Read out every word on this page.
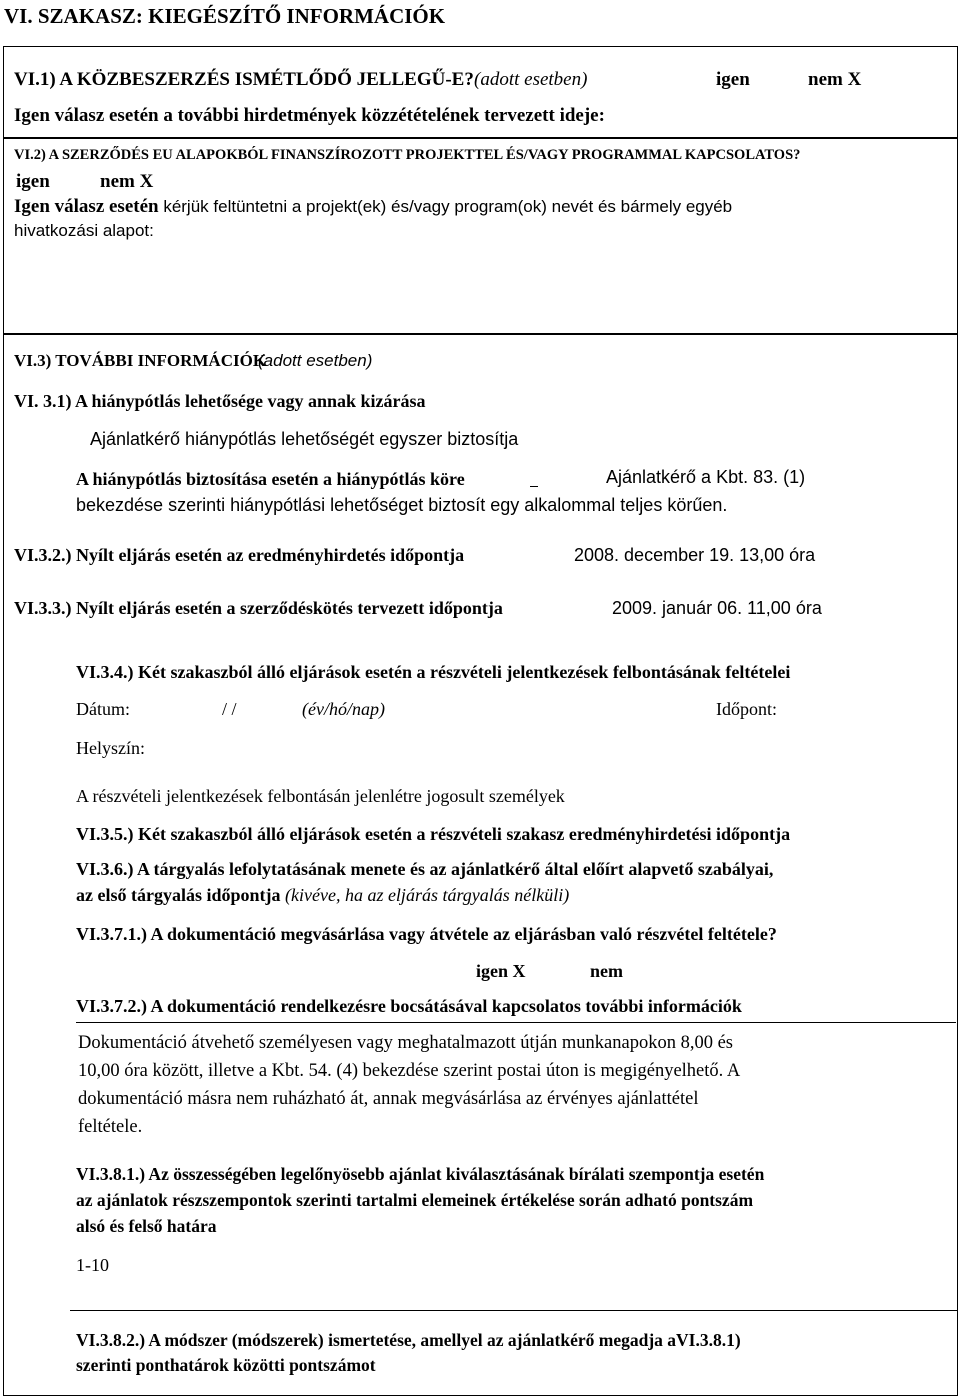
VI. SZAKASZ: KIEGÉSZÍTŐ INFORMÁCIÓK
VI.1) A KÖZBESZERZÉS ISMÉTLŐDŐ JELLEGŰ-E? (adott esetben)	igen	nem X
Igen válasz esetén a további hirdetmények közzétételének tervezett ideje:
VI.2) A SZERZŐDÉS EU ALAPOKBÓL FINANSZÍROZOTT PROJEKTTEL ÉS/VAGY PROGRAMMAL KAPCSOLATOS?
igen	nem X
Igen válasz esetén kérjük feltüntetni a projekt(ek) és/vagy program(ok) nevét és bármely egyéb
hivatkozási alapot:
VI.3) TOVÁBBI INFORMÁCIÓK
(adott esetben)
VI. 3.1) A hiánypótlás lehetősége vagy annak kizárása
Ajánlatkérő hiánypótlás lehetőségét egyszer biztosítja
A hiánypótlás biztosítása esetén a hiánypótlás köre	Ajánlatkérő a Kbt. 83. (1)
bekezdése szerinti hiánypótlási lehetőséget biztosít egy alkalommal teljes körűen.
VI.3.2.) Nyílt eljárás esetén az eredményhirdetés időpontja	2008. december 19. 13,00 óra
VI.3.3.) Nyílt eljárás esetén a szerződéskötés tervezett időpontja	2009. január 06. 11,00 óra
VI.3.4.) Két szakaszból álló eljárások esetén a részvételi jelentkezések felbontásának feltételei
Dátum:	/ /	(év/hó/nap)	Időpont:
Helyszín:
A részvételi jelentkezések felbontásán jelenlétre jogosult személyek
VI.3.5.) Két szakaszból álló eljárások esetén a részvételi szakasz eredményhirdetési időpontja
VI.3.6.) A tárgyalás lefolytatásának menete és az ajánlatkérő által előírt alapvető szabályai,
az első tárgyalás időpontja (kivéve, ha az eljárás tárgyalás nélküli)
VI.3.7.1.) A dokumentáció megvásárlása vagy átvétele az eljárásban való részvétel feltétele?
igen X	nem
VI.3.7.2.) A dokumentáció rendelkezésre bocsátásával kapcsolatos további információk
Dokumentáció átvehető személyesen vagy meghatalmazott útján munkanapokon 8,00 és
10,00 óra között, illetve a Kbt. 54. (4) bekezdése szerint postai úton is megigényelhető. A
dokumentáció másra nem ruházható át, annak megvásárlása az érvényes ajánlattétel
feltétele.
VI.3.8.1.) Az összességében legelőnyösebb ajánlat kiválasztásának bírálati szempontja esetén
az ajánlatok részszempontok szerinti tartalmi elemeinek értékelése során adható pontszám
alsó és felső határa
1-10
VI.3.8.2.) A módszer (módszerek) ismertetése, amellyel az ajánlatkérő megadja aVI.3.8.1)
szerinti ponthatárok közötti pontszámot
